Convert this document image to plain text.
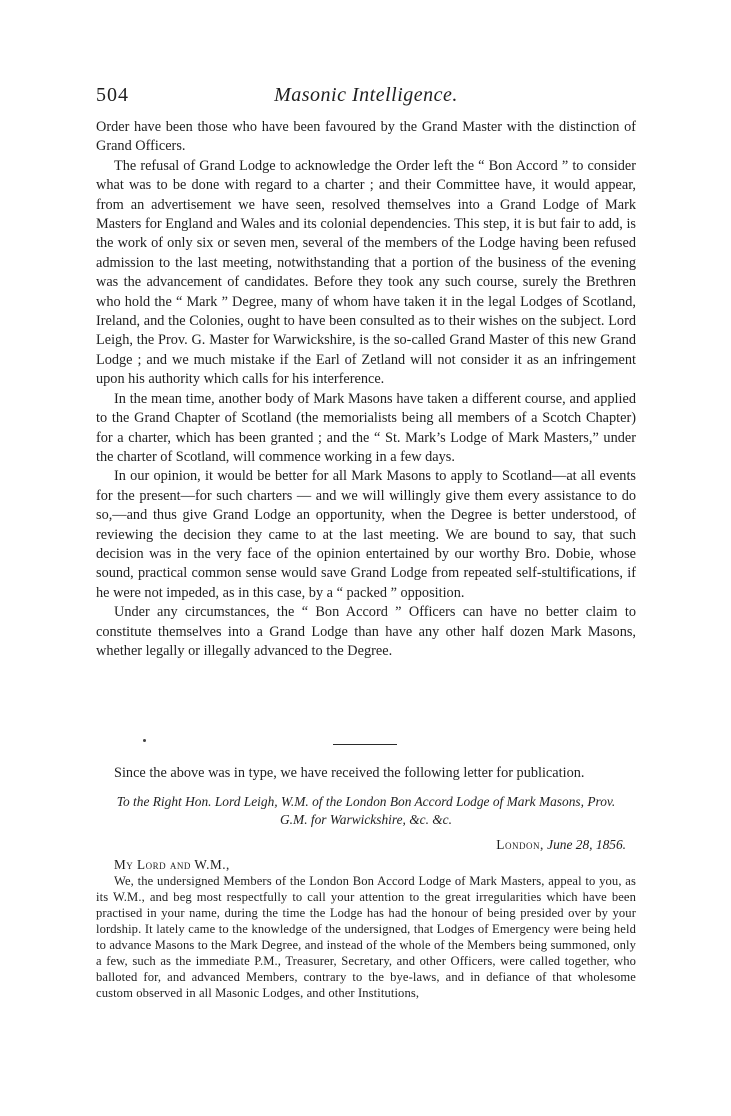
504	Masonic Intelligence.

Order have been those who have been favoured by the Grand Master with the distinction of Grand Officers.

The refusal of Grand Lodge to acknowledge the Order left the “ Bon Accord ” to consider what was to be done with regard to a charter ; and their Committee have, it would appear, from an advertisement we have seen, resolved themselves into a Grand Lodge of Mark Masters for England and Wales and its colonial dependencies. This step, it is but fair to add, is the work of only six or seven men, several of the members of the Lodge having been refused admission to the last meeting, notwithstanding that a portion of the business of the evening was the advancement of candidates. Before they took any such course, surely the Brethren who hold the “ Mark ” Degree, many of whom have taken it in the legal Lodges of Scotland, Ireland, and the Colonies, ought to have been consulted as to their wishes on the subject. Lord Leigh, the Prov. G. Master for Warwickshire, is the so-called Grand Master of this new Grand Lodge ; and we much mistake if the Earl of Zetland will not consider it as an infringement upon his authority which calls for his interference.

In the mean time, another body of Mark Masons have taken a different course, and applied to the Grand Chapter of Scotland (the memorialists being all members of a Scotch Chapter) for a charter, which has been granted ; and the “ St. Mark’s Lodge of Mark Masters,” under the charter of Scotland, will commence working in a few days.

In our opinion, it would be better for all Mark Masons to apply to Scotland—at all events for the present—for such charters — and we will willingly give them every assistance to do so,—and thus give Grand Lodge an opportunity, when the Degree is better understood, of reviewing the decision they came to at the last meeting. We are bound to say, that such decision was in the very face of the opinion entertained by our worthy Bro. Dobie, whose sound, practical common sense would save Grand Lodge from repeated self-stultifications, if he were not impeded, as in this case, by a “ packed ” opposition.

Under any circumstances, the “ Bon Accord ” Officers can have no better claim to constitute themselves into a Grand Lodge than have any other half dozen Mark Masons, whether legally or illegally advanced to the Degree.

Since the above was in type, we have received the following letter for publication.

To the Right Hon. Lord Leigh, W.M. of the London Bon Accord Lodge of Mark Masons, Prov. G.M. for Warwickshire, &c. &c.
London, June 28, 1856.
My Lord and W.M.,

We, the undersigned Members of the London Bon Accord Lodge of Mark Masters, appeal to you, as its W.M., and beg most respectfully to call your attention to the great irregularities which have been practised in your name, during the time the Lodge has had the honour of being presided over by your lordship. It lately came to the knowledge of the undersigned, that Lodges of Emergency were being held to advance Masons to the Mark Degree, and instead of the whole of the Members being summoned, only a few, such as the immediate P.M., Treasurer, Secretary, and other Officers, were called together, who balloted for, and advanced Members, contrary to the bye-laws, and in defiance of that wholesome custom observed in all Masonic Lodges, and other Institutions,
